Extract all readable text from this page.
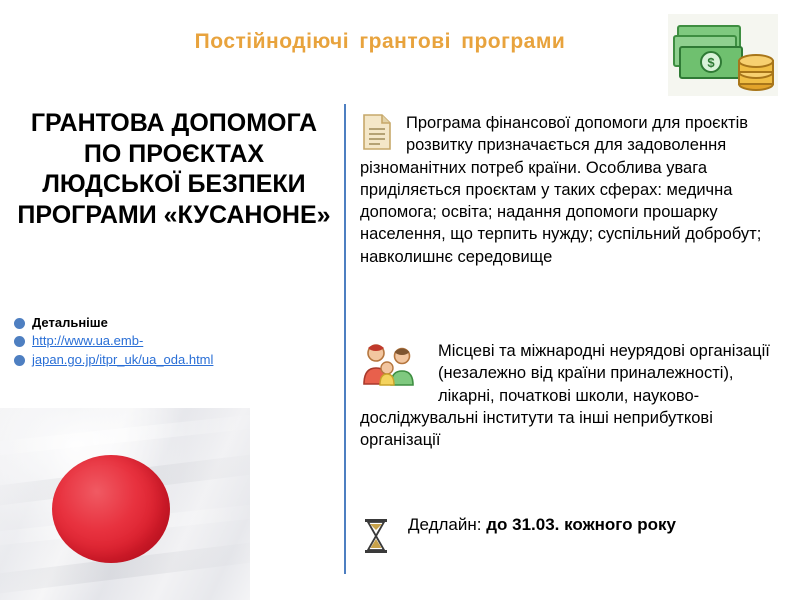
Постійнодіючі грантові програми
$
ГРАНТОВА ДОПОМОГА ПО ПРОЄКТАХ ЛЮДСЬКОЇ БЕЗПЕКИ ПРОГРАМИ «КУСАНОНЕ»
Детальніше
http://www.ua.emb-
japan.go.jp/itpr_uk/ua_oda.html
Програма фінансової допомоги для проєктів розвитку призначається для задоволення різноманітних потреб країни. Особлива увага приділяється проєктам у таких сферах: медична допомога; освіта; надання допомоги прошарку населення, що терпить нужду; суспільний добробут; навколишнє середовище
Місцеві та міжнародні неурядові організації (незалежно від країни приналежності), лікарні, початкові школи, науково-досліджувальні інститути та інші неприбуткові організації
Дедлайн: до 31.03. кожного року
